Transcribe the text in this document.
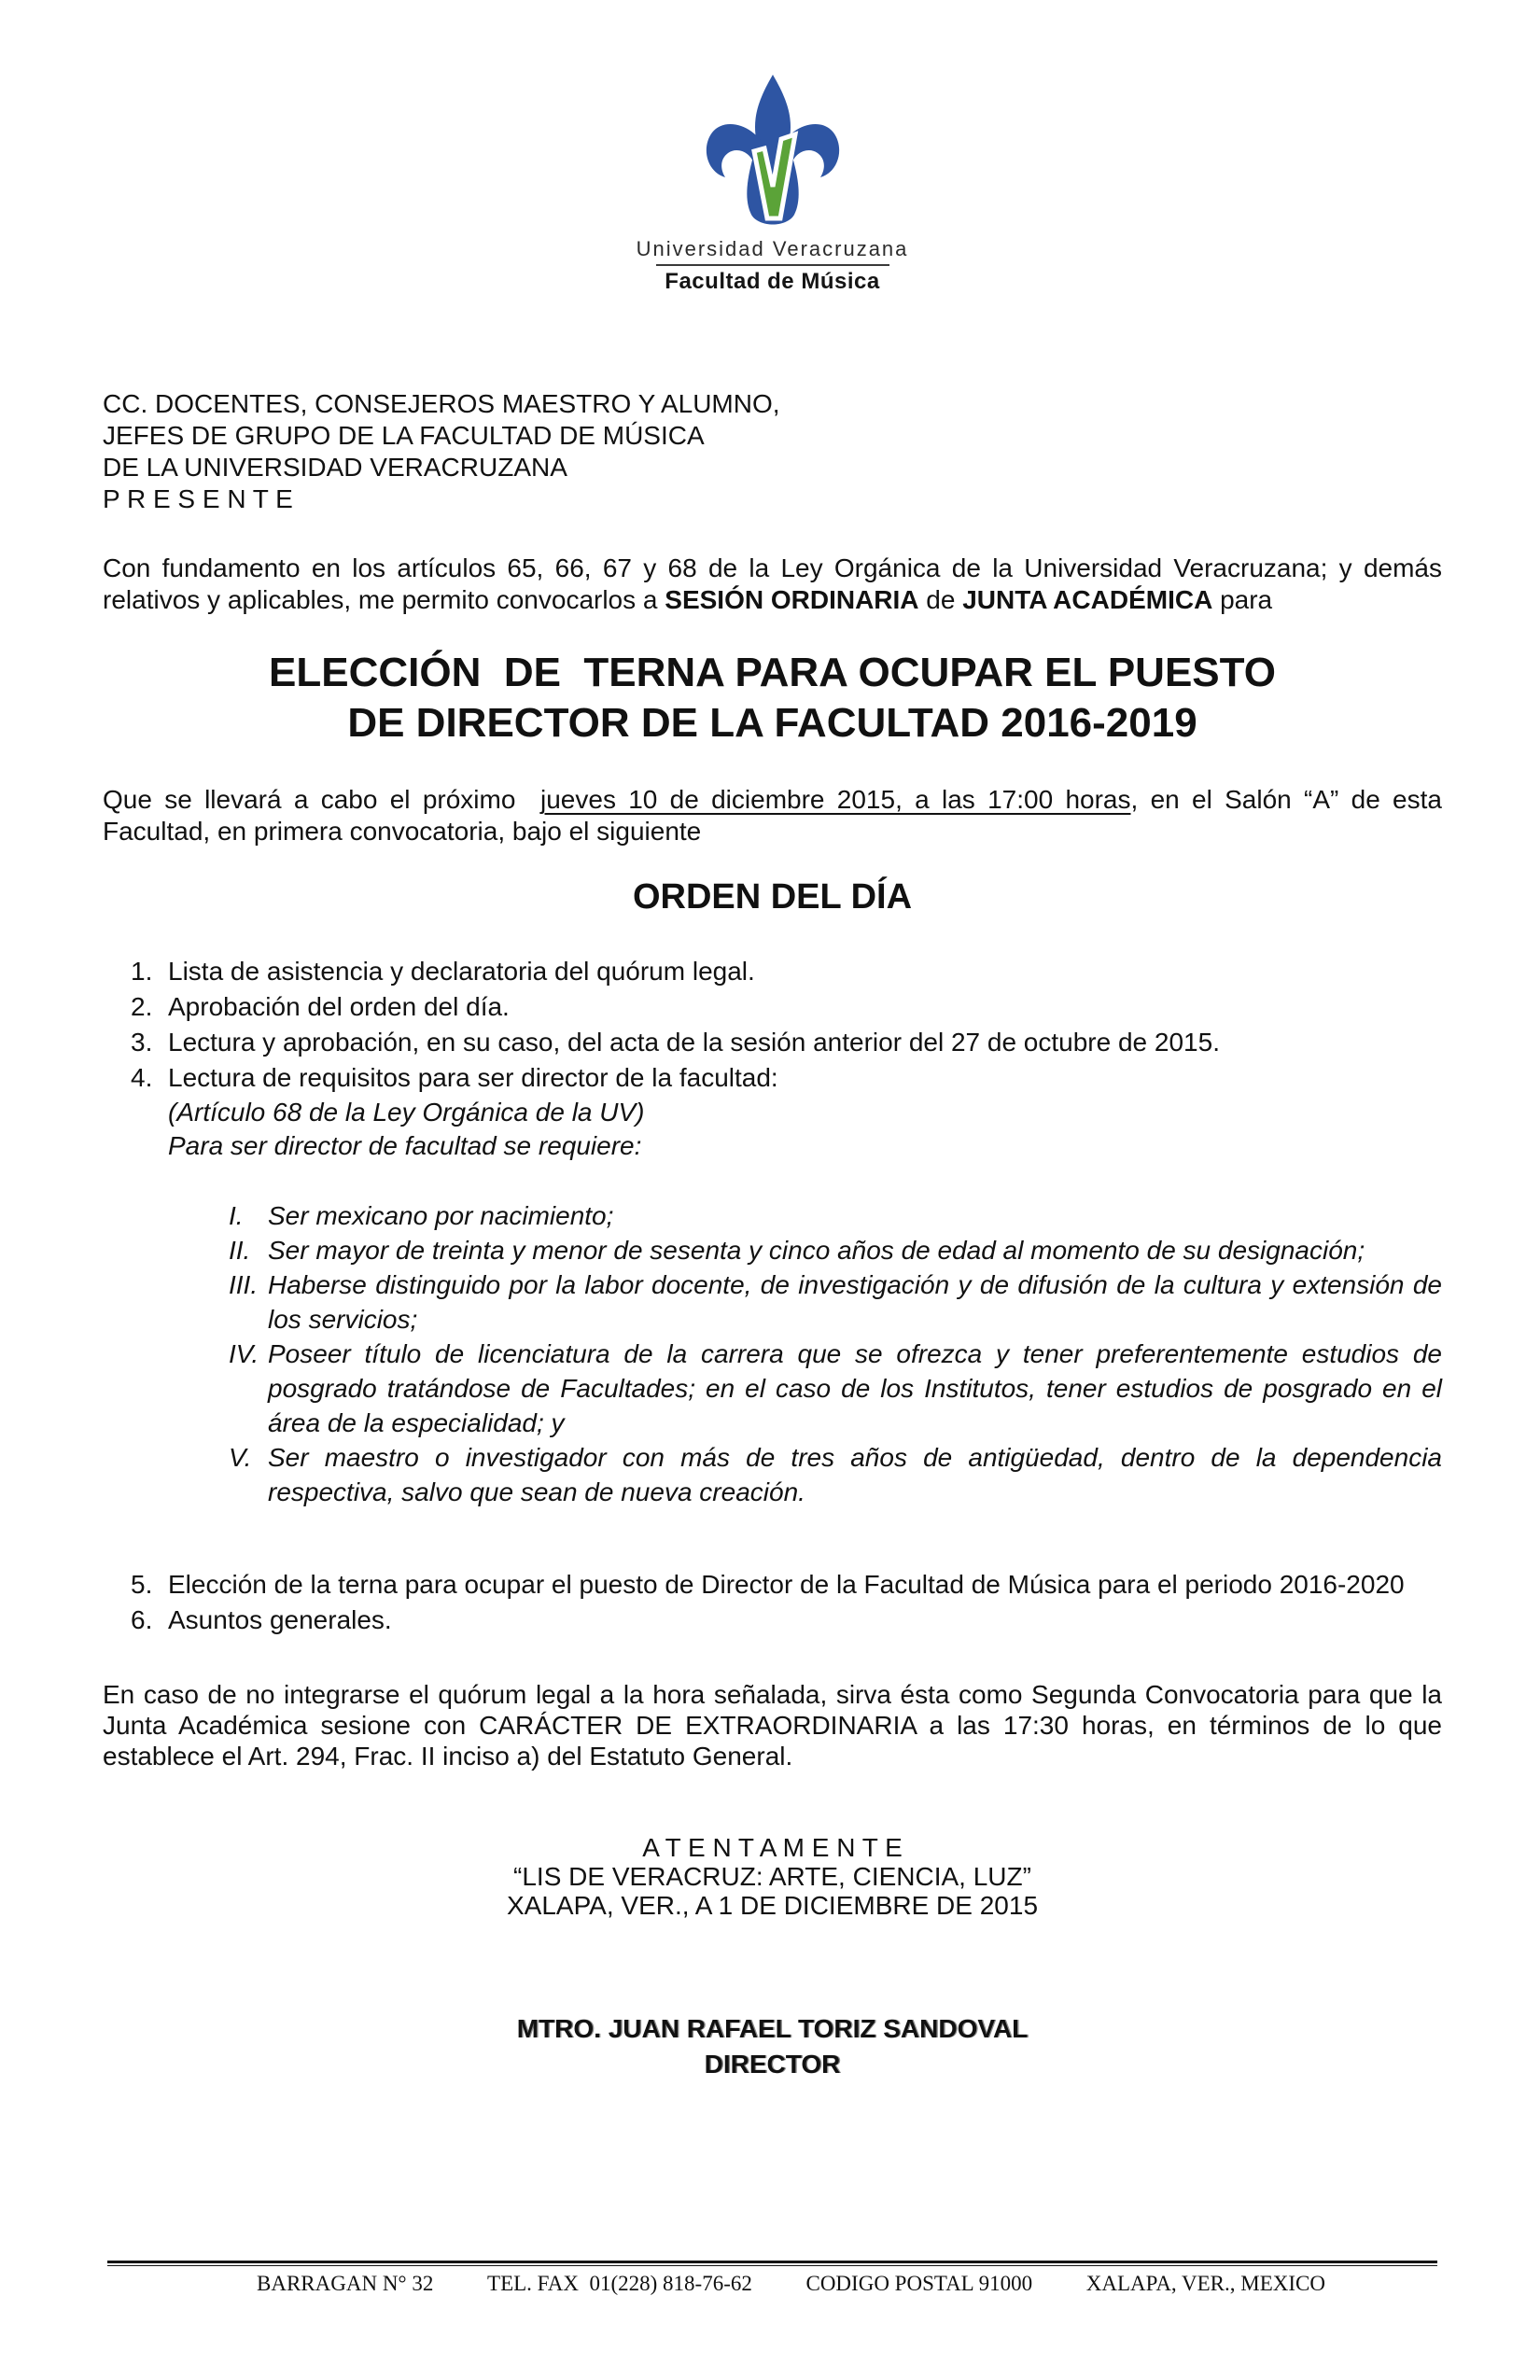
Universidad Veracruzana
Facultad de Música
CC. DOCENTES, CONSEJEROS MAESTRO Y ALUMNO,
JEFES DE GRUPO DE LA FACULTAD DE MÚSICA
DE LA UNIVERSIDAD VERACRUZANA
P R E S E N T E

Con fundamento en los artículos 65, 66, 67 y 68 de la Ley Orgánica de la Universidad Veracruzana; y demás relativos y aplicables, me permito convocarlos a SESIÓN ORDINARIA de JUNTA ACADÉMICA para

ELECCIÓN  DE  TERNA PARA OCUPAR EL PUESTO
DE DIRECTOR DE LA FACULTAD 2016-2019

Que se llevará a cabo el próximo  jueves 10 de diciembre 2015, a las 17:00 horas, en el Salón “A” de esta Facultad, en primera convocatoria, bajo el siguiente

ORDEN DEL DÍA
1. Lista de asistencia y declaratoria del quórum legal.
2. Aprobación del orden del día.
3. Lectura y aprobación, en su caso, del acta de la sesión anterior del 27 de octubre de 2015.
4. Lectura de requisitos para ser director de la facultad:
(Artículo 68 de la Ley Orgánica de la UV)
Para ser director de facultad se requiere:
I. Ser mexicano por nacimiento;
II. Ser mayor de treinta y menor de sesenta y cinco años de edad al momento de su designación;
III. Haberse distinguido por la labor docente, de investigación y de difusión de la cultura y extensión de los servicios;
IV. Poseer título de licenciatura de la carrera que se ofrezca y tener preferentemente estudios de posgrado tratándose de Facultades; en el caso de los Institutos, tener estudios de posgrado en el área de la especialidad; y
V. Ser maestro o investigador con más de tres años de antigüedad, dentro de la dependencia respectiva, salvo que sean de nueva creación.
5. Elección de la terna para ocupar el puesto de Director de la Facultad de Música para el periodo 2016-2020
6. Asuntos generales.

En caso de no integrarse el quórum legal a la hora señalada, sirva ésta como Segunda Convocatoria para que la Junta Académica sesione con CARÁCTER DE EXTRAORDINARIA a las 17:30 horas, en términos de lo que establece el Art. 294, Frac. II inciso a) del Estatuto General.

A T E N T A M E N T E
“LIS DE VERACRUZ: ARTE, CIENCIA, LUZ”
XALAPA, VER., A 1 DE DICIEMBRE DE 2015
MTRO. JUAN RAFAEL TORIZ SANDOVAL
DIRECTOR
BARRAGAN N° 32	TEL. FAX  01(228) 818-76-62	CODIGO POSTAL 91000	XALAPA, VER., MEXICO
